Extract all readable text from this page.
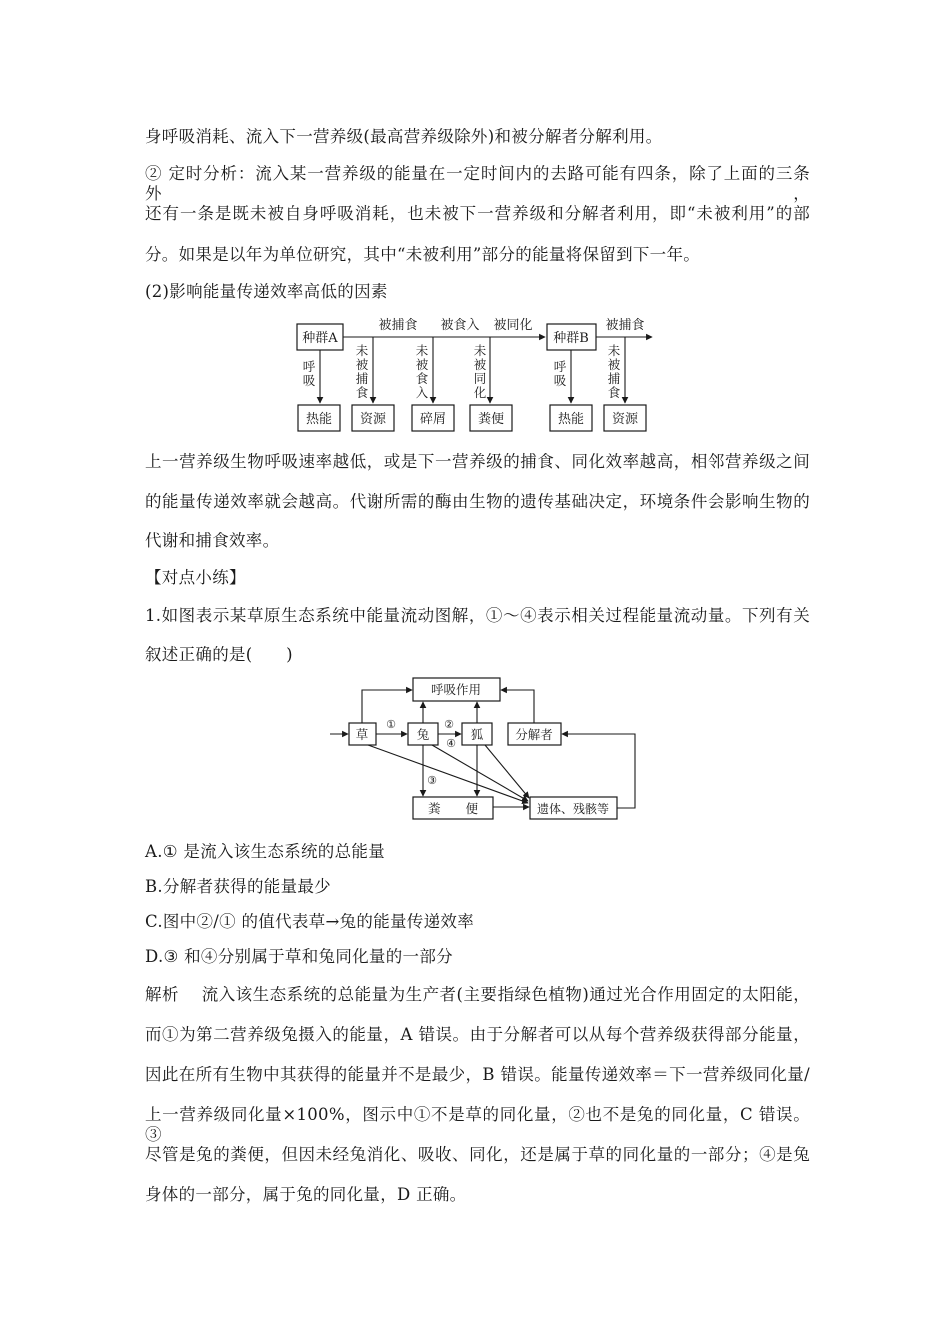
身呼吸消耗、流入下一营养级(最高营养级除外)和被分解者分解利用。
② 定时分析：流入某一营养级的能量在一定时间内的去路可能有四条，除了上面的三条外，
还有一条是既未被自身呼吸消耗，也未被下一营养级和分解者利用，即“未被利用”的部
分。如果是以年为单位研究，其中“未被利用”部分的能量将保留到下一年。
(2)影响能量传递效率高低的因素
种群A	种群B
被捕食 被食入 被同化	被捕食
呼吸
未被捕食
未被食入
未被同化
呼吸
未被捕食
热能 资源	碎屑 粪便	热能 资源
上一营养级生物呼吸速率越低，或是下一营养级的捕食、同化效率越高，相邻营养级之间
的能量传递效率就会越高。代谢所需的酶由生物的遗传基础决定，环境条件会影响生物的
代谢和捕食效率。
【对点小练】
1.如图表示某草原生态系统中能量流动图解，①～④表示相关过程能量流动量。下列有关
叙述正确的是(　　)
呼吸作用
草	兔	狐	分解者
粪　　便	遗体、残骸等
①	②
④
③
A.① 是流入该生态系统的总能量
B.分解者获得的能量最少
C.图中②/① 的值代表草→兔的能量传递效率
D.③ 和④分别属于草和兔同化量的一部分
解析　 流入该生态系统的总能量为生产者(主要指绿色植物)通过光合作用固定的太阳能，
而①为第二营养级兔摄入的能量，A 错误。由于分解者可以从每个营养级获得部分能量，
因此在所有生物中其获得的能量并不是最少，B 错误。能量传递效率＝下一营养级同化量/
上一营养级同化量×100%，图示中①不是草的同化量，②也不是兔的同化量，C 错误。③
尽管是兔的粪便，但因未经兔消化、吸收、同化，还是属于草的同化量的一部分；④是兔
身体的一部分，属于兔的同化量，D 正确。
